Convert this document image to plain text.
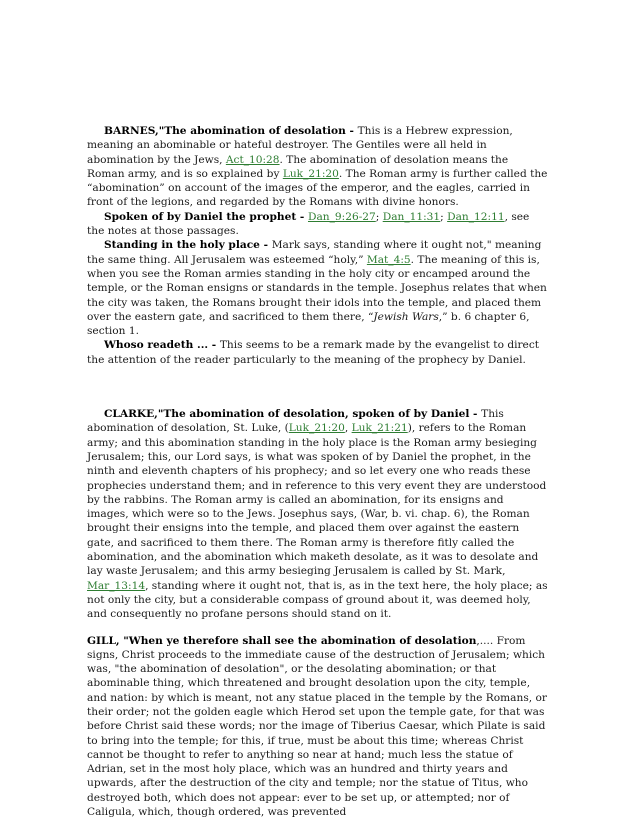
BARNES,"The abomination of desolation - This is a Hebrew expression, meaning an abominable or hateful destroyer. The Gentiles were all held in abomination by the Jews, Act_10:28. The abomination of desolation means the Roman army, and is so explained by Luk_21:20. The Roman army is further called the “abomination” on account of the images of the emperor, and the eagles, carried in front of the legions, and regarded by the Romans with divine honors.

Spoken of by Daniel the prophet - Dan_9:26-27; Dan_11:31; Dan_12:11, see the notes at those passages.

Standing in the holy place - Mark says, standing where it ought not," meaning the same thing. All Jerusalem was esteemed “holy,” Mat_4:5. The meaning of this is, when you see the Roman armies standing in the holy city or encamped around the temple, or the Roman ensigns or standards in the temple. Josephus relates that when the city was taken, the Romans brought their idols into the temple, and placed them over the eastern gate, and sacrificed to them there, “Jewish Wars,” b. 6 chapter 6, section 1.

Whoso readeth ... - This seems to be a remark made by the evangelist to direct the attention of the reader particularly to the meaning of the prophecy by Daniel.

CLARKE,"The abomination of desolation, spoken of by Daniel - This abomination of desolation, St. Luke, (Luk_21:20, Luk_21:21), refers to the Roman army; and this abomination standing in the holy place is the Roman army besieging Jerusalem; this, our Lord says, is what was spoken of by Daniel the prophet, in the ninth and eleventh chapters of his prophecy; and so let every one who reads these prophecies understand them; and in reference to this very event they are understood by the rabbins. The Roman army is called an abomination, for its ensigns and images, which were so to the Jews. Josephus says, (War, b. vi. chap. 6), the Roman brought their ensigns into the temple, and placed them over against the eastern gate, and sacrificed to them there. The Roman army is therefore fitly called the abomination, and the abomination which maketh desolate, as it was to desolate and lay waste Jerusalem; and this army besieging Jerusalem is called by St. Mark, Mar_13:14, standing where it ought not, that is, as in the text here, the holy place; as not only the city, but a considerable compass of ground about it, was deemed holy, and consequently no profane persons should stand on it.

GILL, "When ye therefore shall see the abomination of desolation,.... From signs, Christ proceeds to the immediate cause of the destruction of Jerusalem; which was, "the abomination of desolation", or the desolating abomination; or that abominable thing, which threatened and brought desolation upon the city, temple, and nation: by which is meant, not any statue placed in the temple by the Romans, or their order; not the golden eagle which Herod set upon the temple gate, for that was before Christ said these words; nor the image of Tiberius Caesar, which Pilate is said to bring into the temple; for this, if true, must be about this time; whereas Christ cannot be thought to refer to anything so near at hand; much less the statue of Adrian, set in the most holy place, which was an hundred and thirty years and upwards, after the destruction of the city and temple; nor the statue of Titus, who destroyed both, which does not appear: ever to be set up, or attempted; nor of Caligula, which, though ordered, was prevented
